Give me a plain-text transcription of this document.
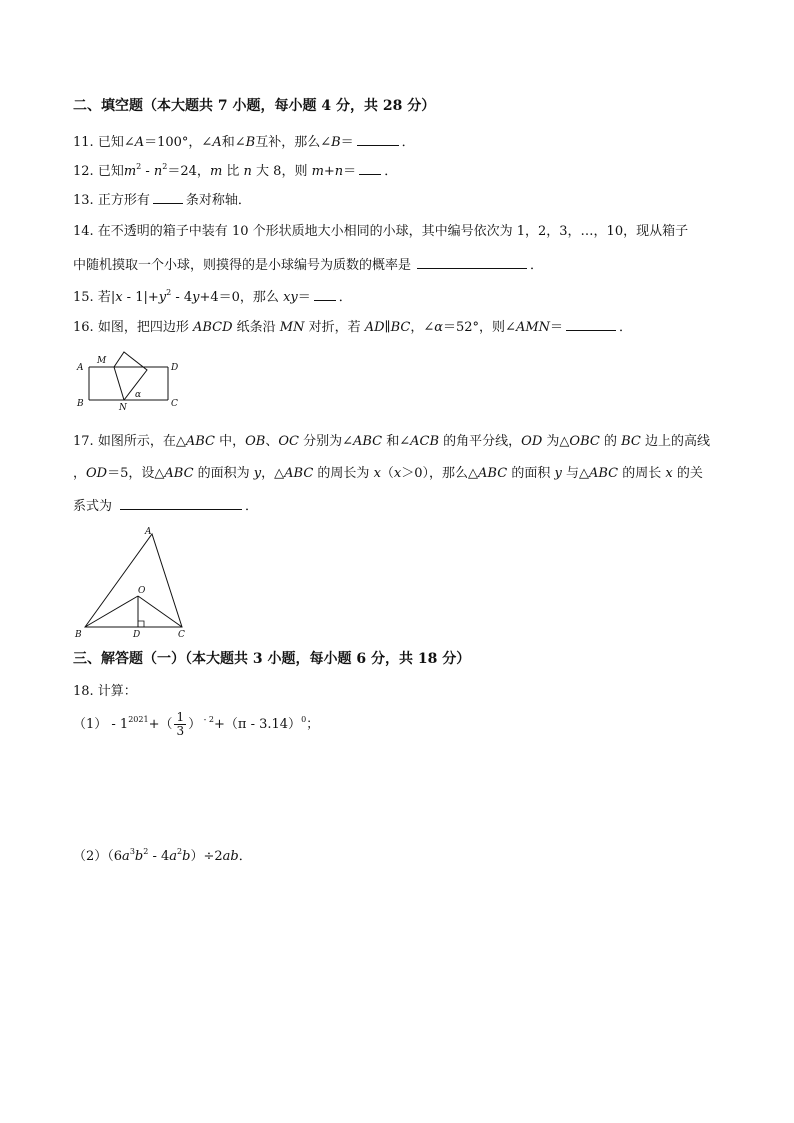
二、填空题（本大题共 7 小题，每小题 4 分，共 28 分）
11. 已知∠A＝100°，∠A和∠B互补，那么∠B＝	．
12. 已知$m^2 - n^2=24$，m 比 n 大 8，则 m+n＝ ．
13. 正方形有	条对称轴．
14. 在不透明的箱子中装有 10 个形状质地大小相同的小球，其中编号依次为 1，2，3，…，10，现从箱子
中随机摸取一个小球，则摸得的是小球编号为质数的概率是	．
15. 若$|x - 1|+y^2 - 4y+4=0$，那么 xy＝ ．
16. 如图，把四边形 ABCD 纸条沿 MN 对折，若 AD∥BC，∠α＝52°，则∠AMN＝	．
A
M
D
B	N	C
α
17. 如图所示，在△ABC 中，OB、OC 分别为∠ABC 和∠ACB 的角平分线，OD 为△OBC 的 BC 边上的高线
，OD＝5，设△ABC 的面积为 y，△ABC 的周长为 x（x＞0），那么△ABC 的面积 y 与△ABC 的周长 x 的关
系式为	．
A
O
B	D	C
三、解答题（一）（本大题共 3 小题，每小题 6 分，共 18 分）
18. 计算：
$(1) - 1^{2021}+( \frac{1}{3}$ ） $^{- 2}$+（π - 3.14）$^0$；
$(2)(6a^3b^2 - 4a^2b)\div 2ab$．
